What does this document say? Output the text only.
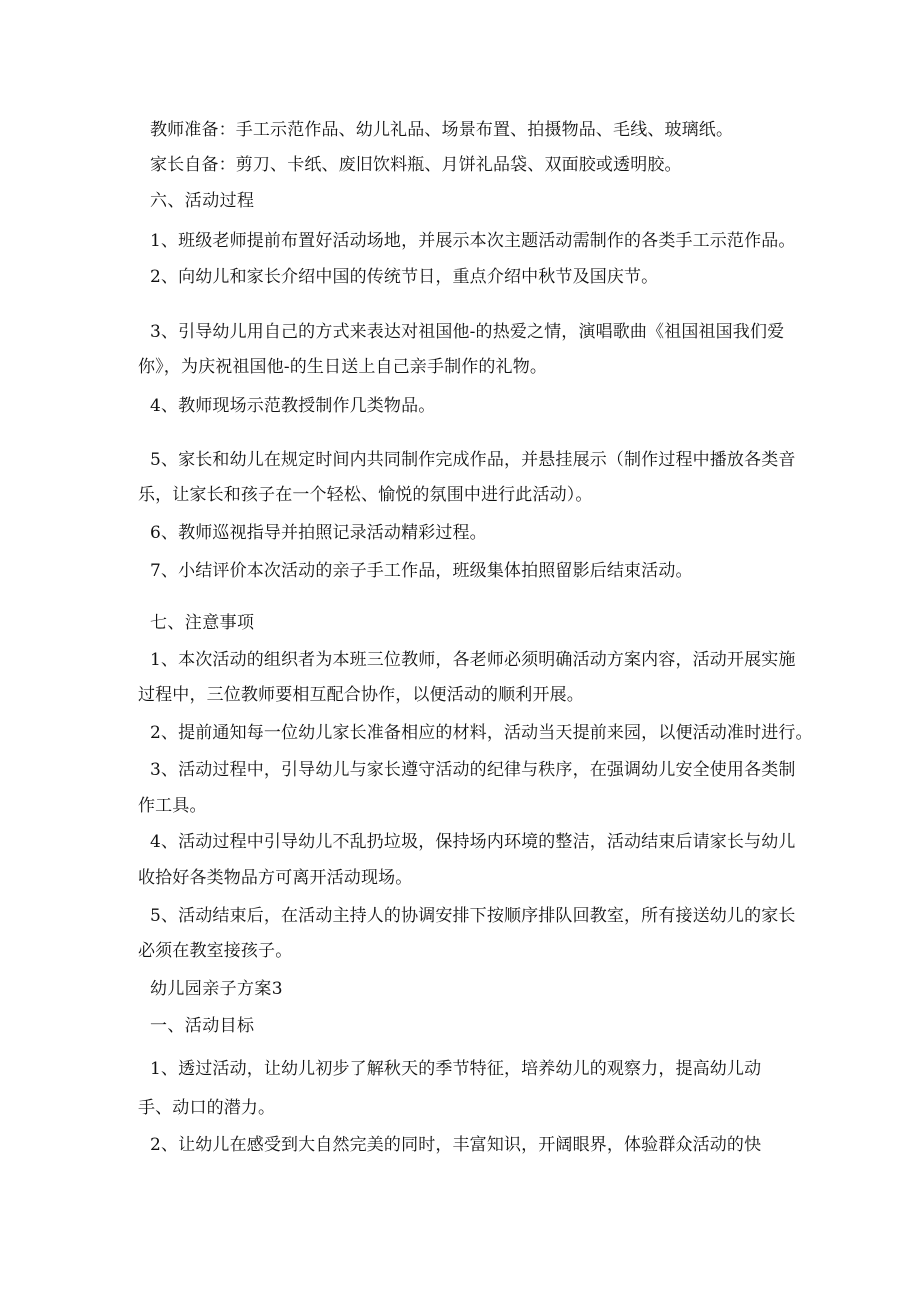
教师准备：手工示范作品、幼儿礼品、场景布置、拍摄物品、毛线、玻璃纸。
家长自备：剪刀、卡纸、废旧饮料瓶、月饼礼品袋、双面胶或透明胶。
六、活动过程
1、班级老师提前布置好活动场地，并展示本次主题活动需制作的各类手工示范作品。
2、向幼儿和家长介绍中国的传统节日，重点介绍中秋节及国庆节。
3、引导幼儿用自己的方式来表达对祖国他-的热爱之情，演唱歌曲《祖国祖国我们爱
你》，为庆祝祖国他-的生日送上自己亲手制作的礼物。
4、教师现场示范教授制作几类物品。
5、家长和幼儿在规定时间内共同制作完成作品，并悬挂展示（制作过程中播放各类音
乐，让家长和孩子在一个轻松、愉悦的氛围中进行此活动）。
6、教师巡视指导并拍照记录活动精彩过程。
7、小结评价本次活动的亲子手工作品，班级集体拍照留影后结束活动。
七、注意事项
1、本次活动的组织者为本班三位教师，各老师必须明确活动方案内容，活动开展实施
过程中，三位教师要相互配合协作，以便活动的顺利开展。
2、提前通知每一位幼儿家长准备相应的材料，活动当天提前来园，以便活动准时进行。
3、活动过程中，引导幼儿与家长遵守活动的纪律与秩序，在强调幼儿安全使用各类制
作工具。
4、活动过程中引导幼儿不乱扔垃圾，保持场内环境的整洁，活动结束后请家长与幼儿
收拾好各类物品方可离开活动现场。
5、活动结束后，在活动主持人的协调安排下按顺序排队回教室，所有接送幼儿的家长
必须在教室接孩子。
幼儿园亲子方案3
一、活动目标
1、透过活动，让幼儿初步了解秋天的季节特征，培养幼儿的观察力，提高幼儿动
手、动口的潜力。
2、让幼儿在感受到大自然完美的同时，丰富知识，开阔眼界，体验群众活动的快
